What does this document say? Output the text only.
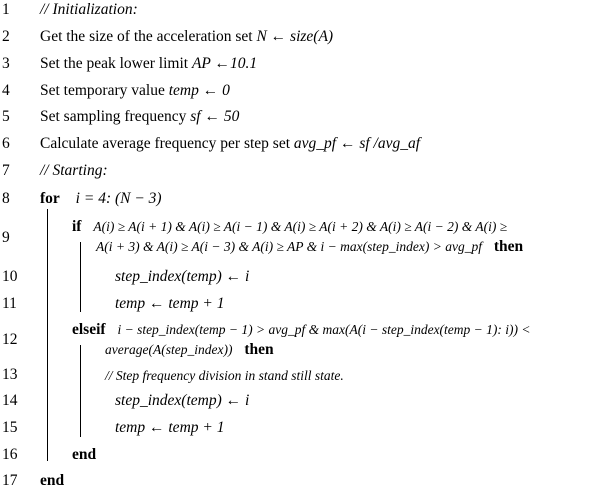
1
2
3
4
5
6
7
8
9
10
11
12
13
14
15
16
17
// Initialization:
Get the size of the acceleration set N ← size(A)
Set the peak lower limit AP ←10.1
Set temporary value temp ← 0
Set sampling frequency sf ← 50
Calculate average frequency per step set avg_pf ← sf /avg_af
// Starting:
for i = 4: (N − 3)
if A(i) ≥ A(i + 1) & A(i) ≥ A(i − 1) & A(i) ≥ A(i + 2) & A(i) ≥ A(i − 2) & A(i) ≥
A(i + 3) & A(i) ≥ A(i − 3) & A(i) ≥ AP & i − max(step_index) > avg_pf then
step_index(temp) ← i
temp ← temp + 1
elseif i − step_index(temp − 1) > avg_pf & max(A(i − step_index(temp − 1): i)) <
average(A(step_index)) then
// Step frequency division in stand still state.
step_index(temp) ← i
temp ← temp + 1
end
end
